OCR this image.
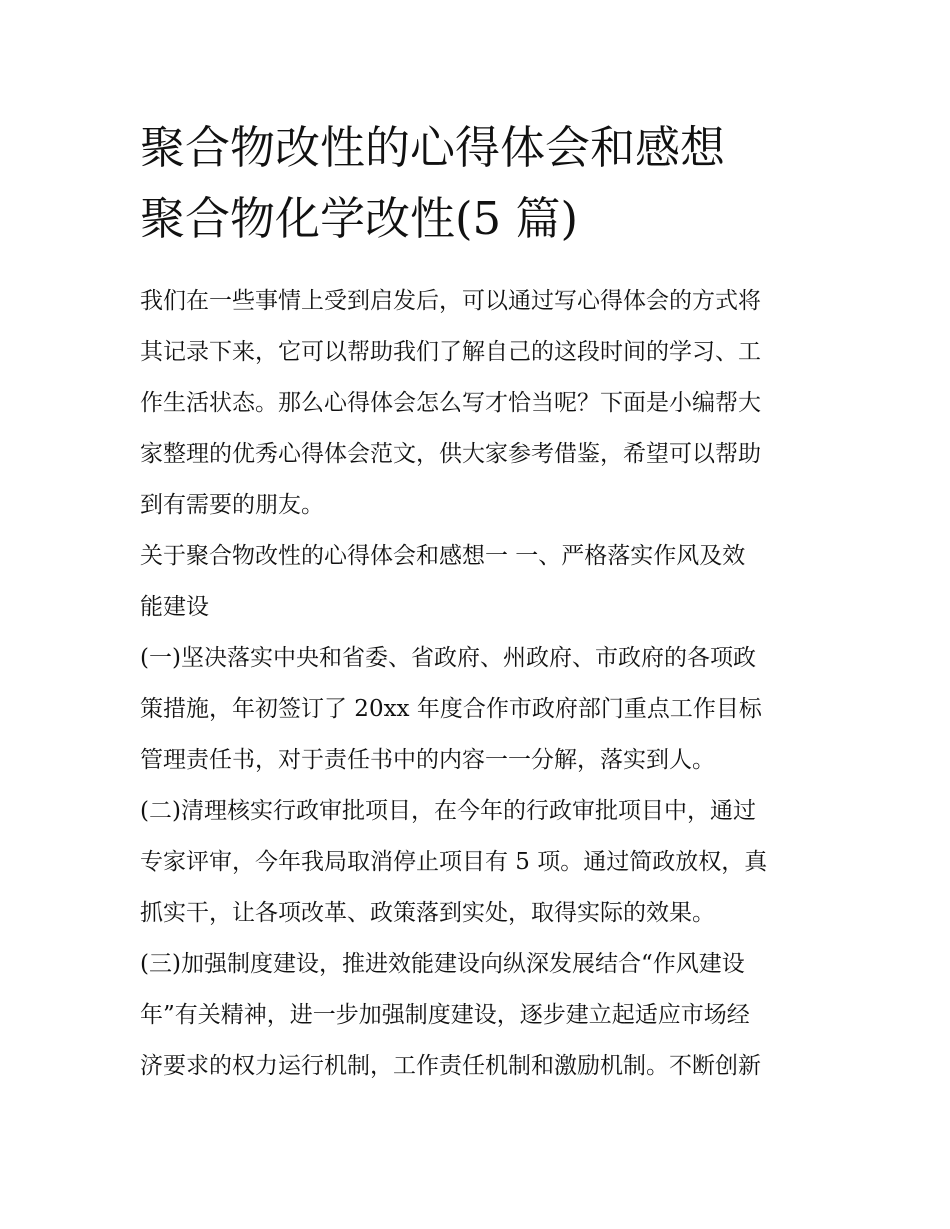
聚合物改性的心得体会和感想
聚合物化学改性(5 篇)
我们在一些事情上受到启发后，可以通过写心得体会的方式将
其记录下来，它可以帮助我们了解自己的这段时间的学习、工
作生活状态。那么心得体会怎么写才恰当呢？下面是小编帮大
家整理的优秀心得体会范文，供大家参考借鉴，希望可以帮助
到有需要的朋友。
关于聚合物改性的心得体会和感想一 一、严格落实作风及效
能建设
(一)坚决落实中央和省委、省政府、州政府、市政府的各项政
策措施，年初签订了 20xx 年度合作市政府部门重点工作目标
管理责任书，对于责任书中的内容一一分解，落实到人。
(二)清理核实行政审批项目，在今年的行政审批项目中，通过
专家评审，今年我局取消停止项目有 5 项。通过简政放权，真
抓实干，让各项改革、政策落到实处，取得实际的效果。
(三)加强制度建设，推进效能建设向纵深发展结合“作风建设
年”有关精神，进一步加强制度建设，逐步建立起适应市场经
济要求的权力运行机制，工作责任机制和激励机制。不断创新
